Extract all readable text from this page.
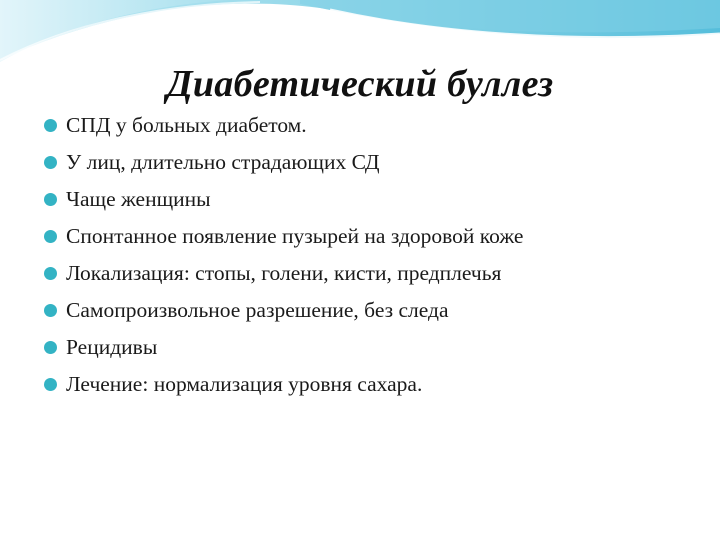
Диабетический буллез
СПД у больных диабетом.
У лиц, длительно страдающих СД
Чаще женщины
Спонтанное появление пузырей на здоровой коже
Локализация: стопы, голени, кисти, предплечья
Самопроизвольное разрешение, без следа
Рецидивы
Лечение: нормализация уровня сахара.
